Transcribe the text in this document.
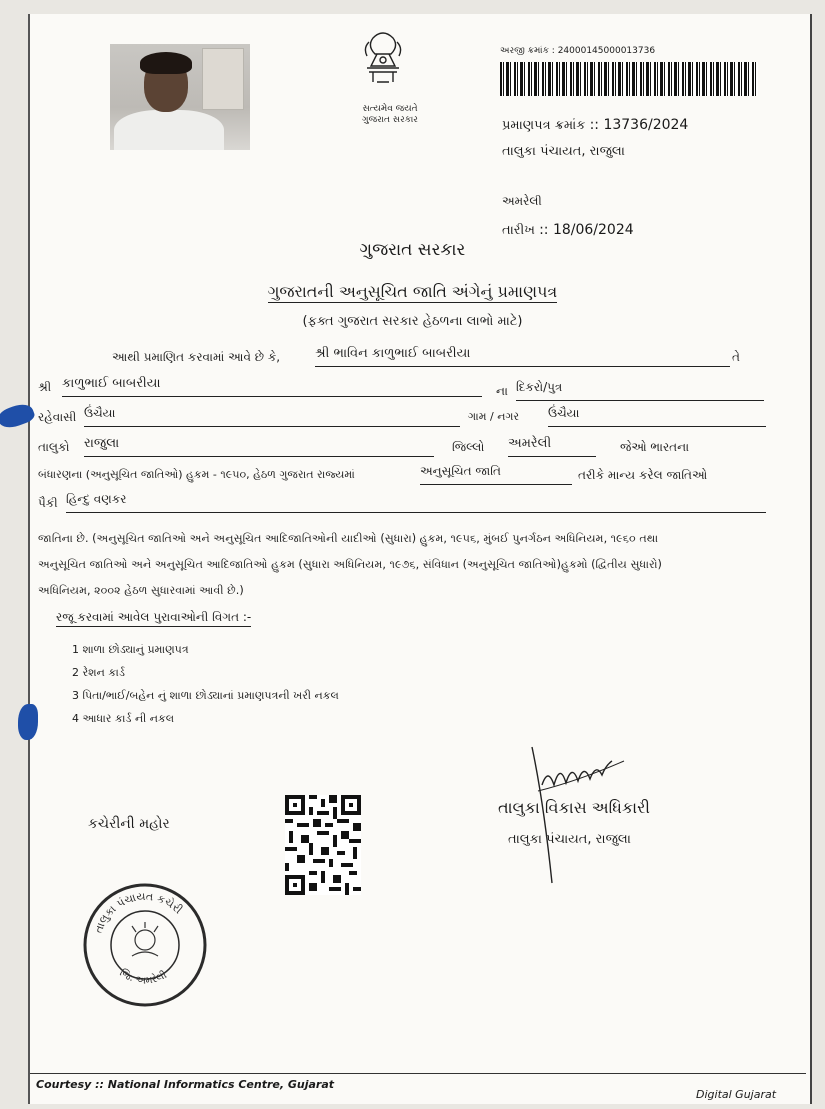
સત્યમેવ જયતે
ગુજરાત સરકાર
અરજી ક્રમાંક : 24000145000013736
પ્રમાણપત્ર ક્રમાંક :: 13736/2024
તાલુકા પંચાયત, રાજુલા
અમરેલી
તારીખ :: 18/06/2024
ગુજરાત સરકાર
ગુજરાતની અનુસૂચિત જાતિ અંગેનું પ્રમાણપત્ર
(ફક્ત ગુજરાત સરકાર હેઠળના લાભો માટે)
આથી પ્રમાણિત કરવામાં આવે છે કે,	શ્રી ભાવિન કાળુભાઈ બાબરીયા	તે
શ્રી કાળુભાઈ બાબરીયા	ના દિકરો/પુત્ર
રહેવાસી ઉંચૈયા	ગામ / નગર ઉંચૈયા
તાલુકો રાજુલા	જિલ્લો અમરેલી	જેઓ ભારતના
બંધારણના (અનુસૂચિત જાતિઓ) હુકમ - ૧૯૫૦, હેઠળ ગુજરાત રાજ્યમાં	અનુસૂચિત જાતિ	તરીકે માન્ય કરેલ જાતિઓ
પૈકી હિન્દુ વણકર
જાતિના છે. (અનુસૂચિત જાતિઓ અને અનુસૂચિત આદિજાતિઓની યાદીઓ (સુધારા) હુકમ, ૧૯૫૬, મુંબઈ પુનર્ગઠન અધિનિયમ, ૧૯૬૦ તથા
અનુસૂચિત જાતિઓ અને અનુસૂચિત આદિજાતિઓ હુકમ (સુધારા અધિનિયમ, ૧૯૭૬, સંવિધાન (અનુસૂચિત જાતિઓ)હુકમો (દ્વિતીય સુધારો)
અધિનિયમ, ૨૦૦૨ હેઠળ સુધારવામાં આવી છે.)
રજૂ કરવામાં આવેલ પુરાવાઓની વિગત :-
1 શાળા છોડ્યાનું પ્રમાણપત્ર
2 રેશન કાર્ડ
3 પિતા/ભાઈ/બહેન નું શાળા છોડ્યાનાં પ્રમાણપત્રની ખરી નકલ
4 આધાર કાર્ડ ની નકલ
કચેરીની મહોર
તાલુકા વિકાસ અધિકારી
તાલુકા પંચાયત, રાજુલા
તાલુકા પંચાયત કચેરી
જિ. અમરેલી
Courtesy :: National Informatics Centre, Gujarat
Digital Gujarat
